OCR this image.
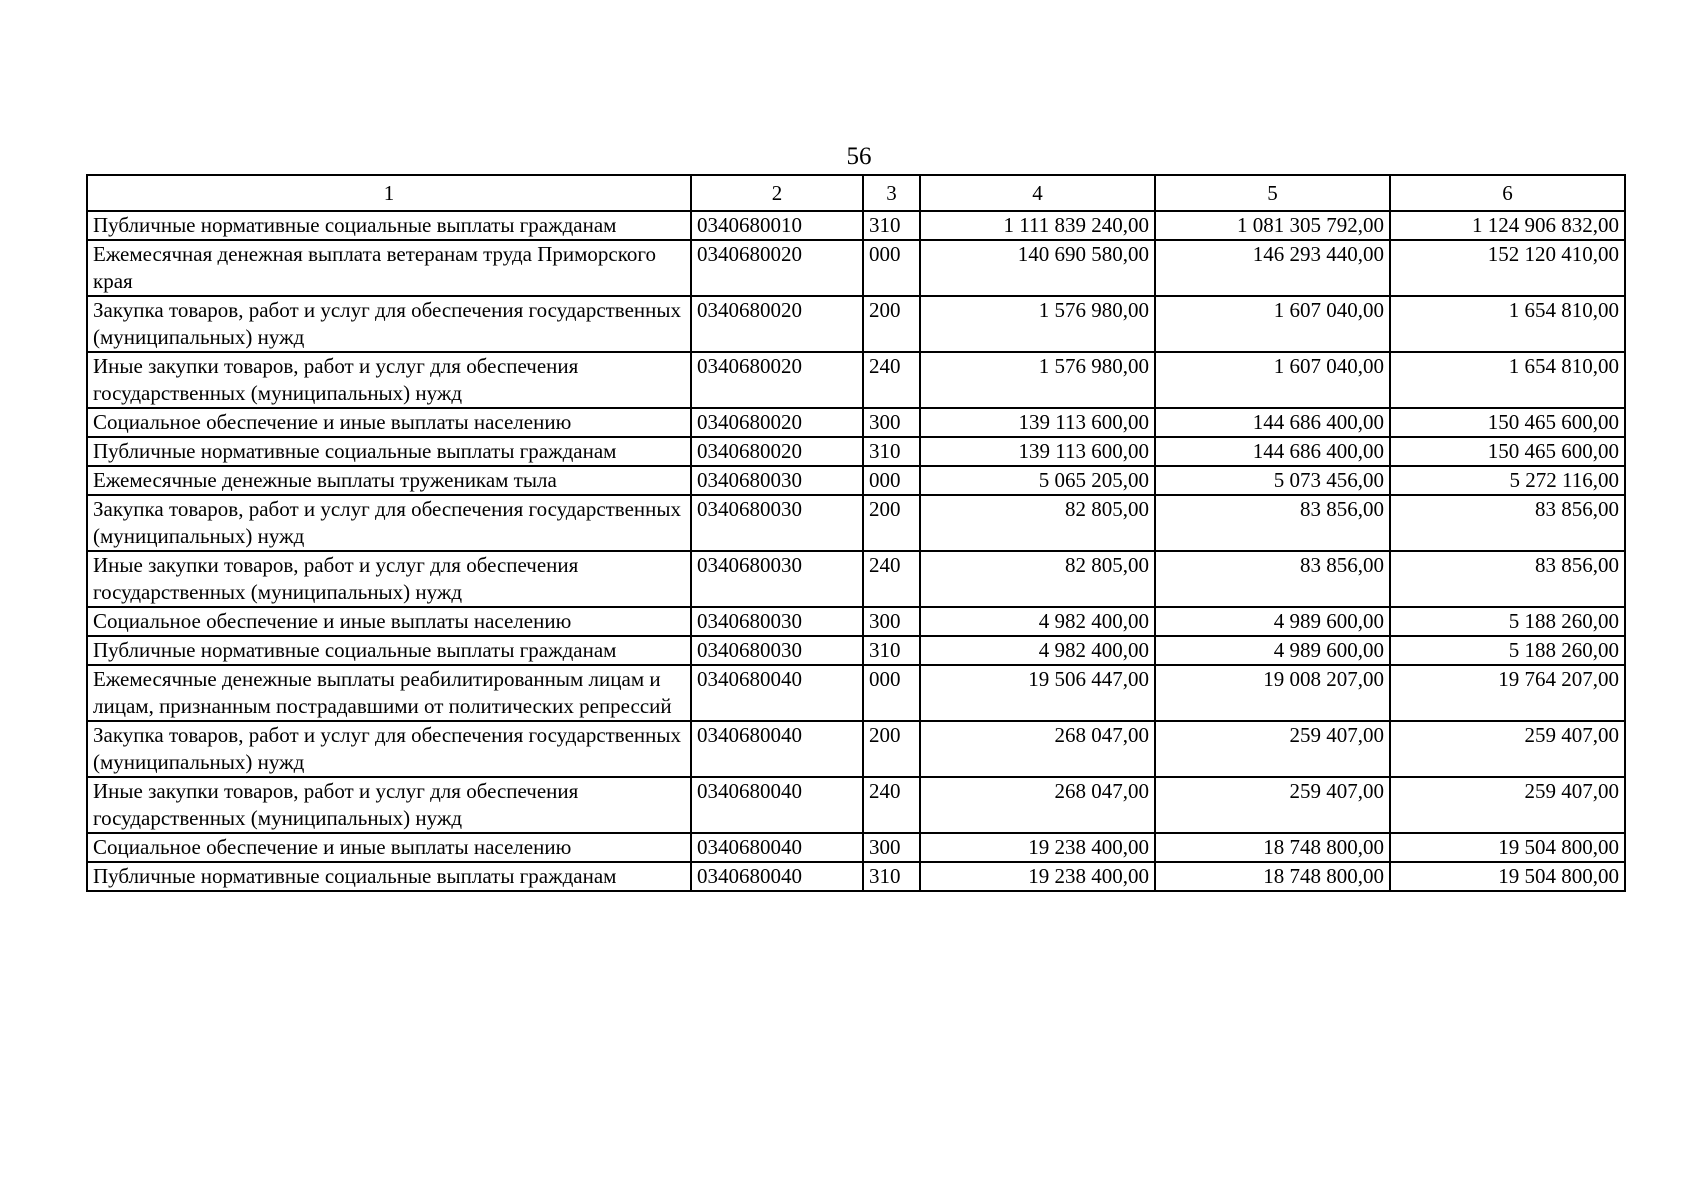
56
1	2	3	4	5	6
Публичные нормативные социальные выплаты гражданам	0340680010	310	1 111 839 240,00	1 081 305 792,00	1 124 906 832,00
Ежемесячная денежная выплата ветеранам труда Приморского края	0340680020	000	140 690 580,00	146 293 440,00	152 120 410,00
Закупка товаров, работ и услуг для обеспечения государственных (муниципальных) нужд	0340680020	200	1 576 980,00	1 607 040,00	1 654 810,00
Иные закупки товаров, работ и услуг для обеспечения государственных (муниципальных) нужд	0340680020	240	1 576 980,00	1 607 040,00	1 654 810,00
Социальное обеспечение и иные выплаты населению	0340680020	300	139 113 600,00	144 686 400,00	150 465 600,00
Публичные нормативные социальные выплаты гражданам	0340680020	310	139 113 600,00	144 686 400,00	150 465 600,00
Ежемесячные денежные выплаты труженикам тыла	0340680030	000	5 065 205,00	5 073 456,00	5 272 116,00
Закупка товаров, работ и услуг для обеспечения государственных (муниципальных) нужд	0340680030	200	82 805,00	83 856,00	83 856,00
Иные закупки товаров, работ и услуг для обеспечения государственных (муниципальных) нужд	0340680030	240	82 805,00	83 856,00	83 856,00
Социальное обеспечение и иные выплаты населению	0340680030	300	4 982 400,00	4 989 600,00	5 188 260,00
Публичные нормативные социальные выплаты гражданам	0340680030	310	4 982 400,00	4 989 600,00	5 188 260,00
Ежемесячные денежные выплаты реабилитированным лицам и лицам, признанным пострадавшими от политических репрессий	0340680040	000	19 506 447,00	19 008 207,00	19 764 207,00
Закупка товаров, работ и услуг для обеспечения государственных (муниципальных) нужд	0340680040	200	268 047,00	259 407,00	259 407,00
Иные закупки товаров, работ и услуг для обеспечения государственных (муниципальных) нужд	0340680040	240	268 047,00	259 407,00	259 407,00
Социальное обеспечение и иные выплаты населению	0340680040	300	19 238 400,00	18 748 800,00	19 504 800,00
Публичные нормативные социальные выплаты гражданам	0340680040	310	19 238 400,00	18 748 800,00	19 504 800,00
